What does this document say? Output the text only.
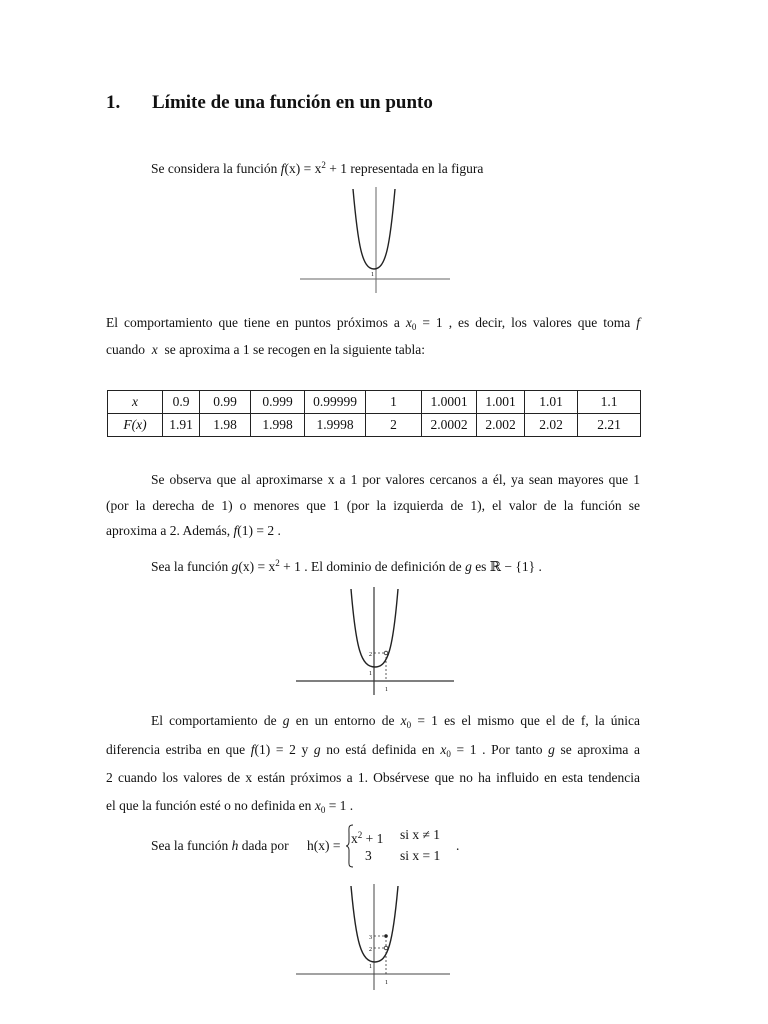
1. Límite de una función en un punto
Se considera la función $f(x) = x^2 + 1$ representada en la figura
1
El comportamiento que tiene en puntos próximos a $x_0 = 1$ , es decir, los valores que toma f
cuando x se aproxima a 1 se recogen en la siguiente tabla:
x	0.9	0.99	0.999	0.99999	1	1.0001	1.001	1.01	1.1
F(x)	1.91	1.98	1.998	1.9998	2	2.0002	2.002	2.02	2.21
Se observa que al aproximarse x a 1 por valores cercanos a él, ya sean mayores que 1
(por la derecha de 1) o menores que 1 (por la izquierda de 1), el valor de la función se
aproxima a 2. Además, f(1) = 2 .
Sea la función $g(x) = x^2 + 1$ . El dominio de definición de g es ℝ − {1} .
2
1
1
El comportamiento de g en un entorno de $x_0 = 1$ es el mismo que el de f, la única
diferencia estriba en que f(1) = 2 y g no está definida en $x_0 = 1$ . Por tanto g se aproxima a
2 cuando los valores de x están próximos a 1. Obsérvese que no ha influido en esta tendencia
el que la función esté o no definida en $x_0 = 1$ .
Sea la función h dada por $h(x) = x^2 + 1$ si x ≠ 1
3 si x = 1
.
3
2
1
1
